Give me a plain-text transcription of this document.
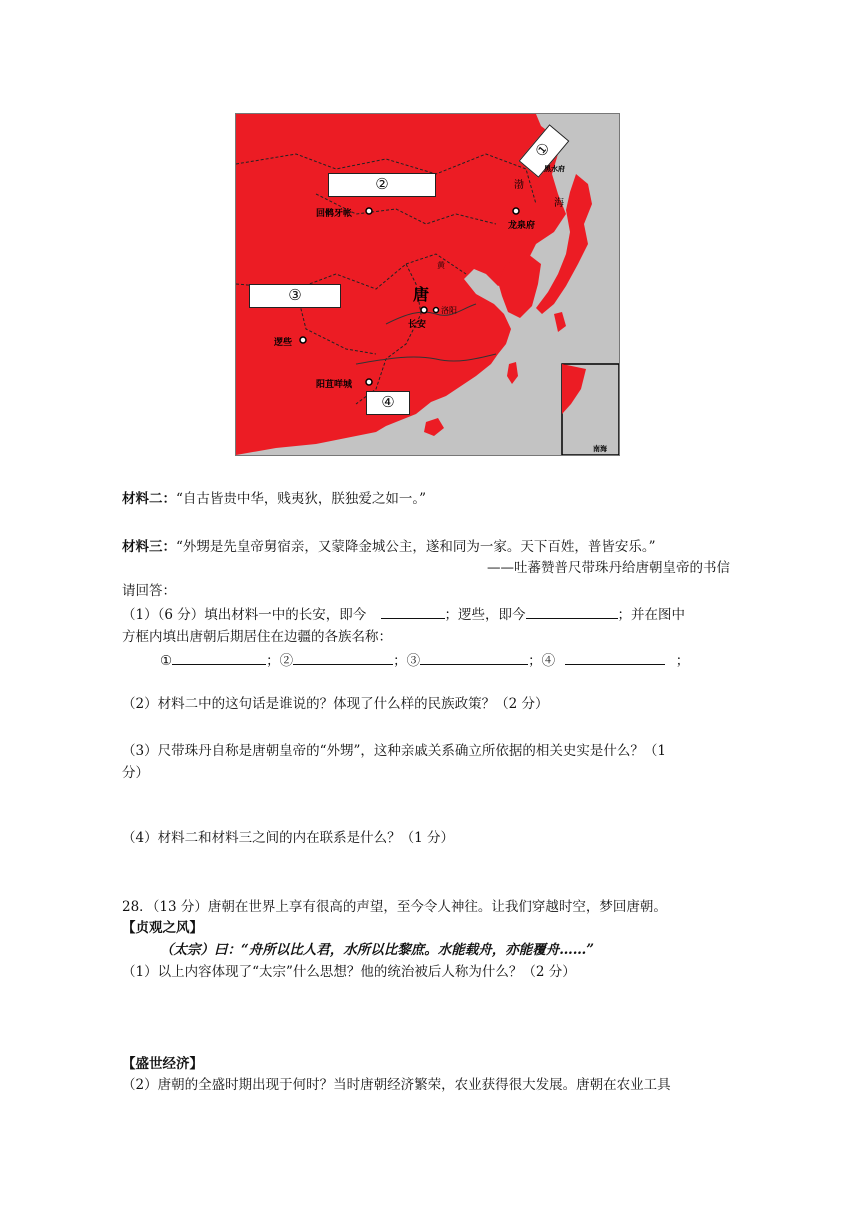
①
②
③
④
回鹘牙帐
黑水府
渤
海
龙泉府
唐
黄
长安
洛阳
逻些
阳苴咩城
南海
材料二：“自古皆贵中华，贱夷狄，朕独爱之如一。”
材料三：“外甥是先皇帝舅宿亲，又蒙降金城公主，遂和同为一家。天下百姓，普皆安乐。”
——吐蕃赞普尺带珠丹给唐朝皇帝的书信
请回答：
（1）（6 分）填出材料一中的长安，即今	；逻些，即今	；并在图中
方框内填出唐朝后期居住在边疆的各族名称：
①	；②	；③	；④	；
（2）材料二中的这句话是谁说的？体现了什么样的民族政策？（2 分）
（3）尺带珠丹自称是唐朝皇帝的“外甥”，这种亲戚关系确立所依据的相关史实是什么？（1
分）
（4）材料二和材料三之间的内在联系是什么？（1 分）
28．（13 分）唐朝在世界上享有很高的声望，至今令人神往。让我们穿越时空，梦回唐朝。
【贞观之风】
（太宗）曰：“舟所以比人君，水所以比黎庶。水能载舟，亦能覆舟……”
（1）以上内容体现了“太宗”什么思想？他的统治被后人称为什么？（2 分）
【盛世经济】
（2）唐朝的全盛时期出现于何时？当时唐朝经济繁荣，农业获得很大发展。唐朝在农业工具
